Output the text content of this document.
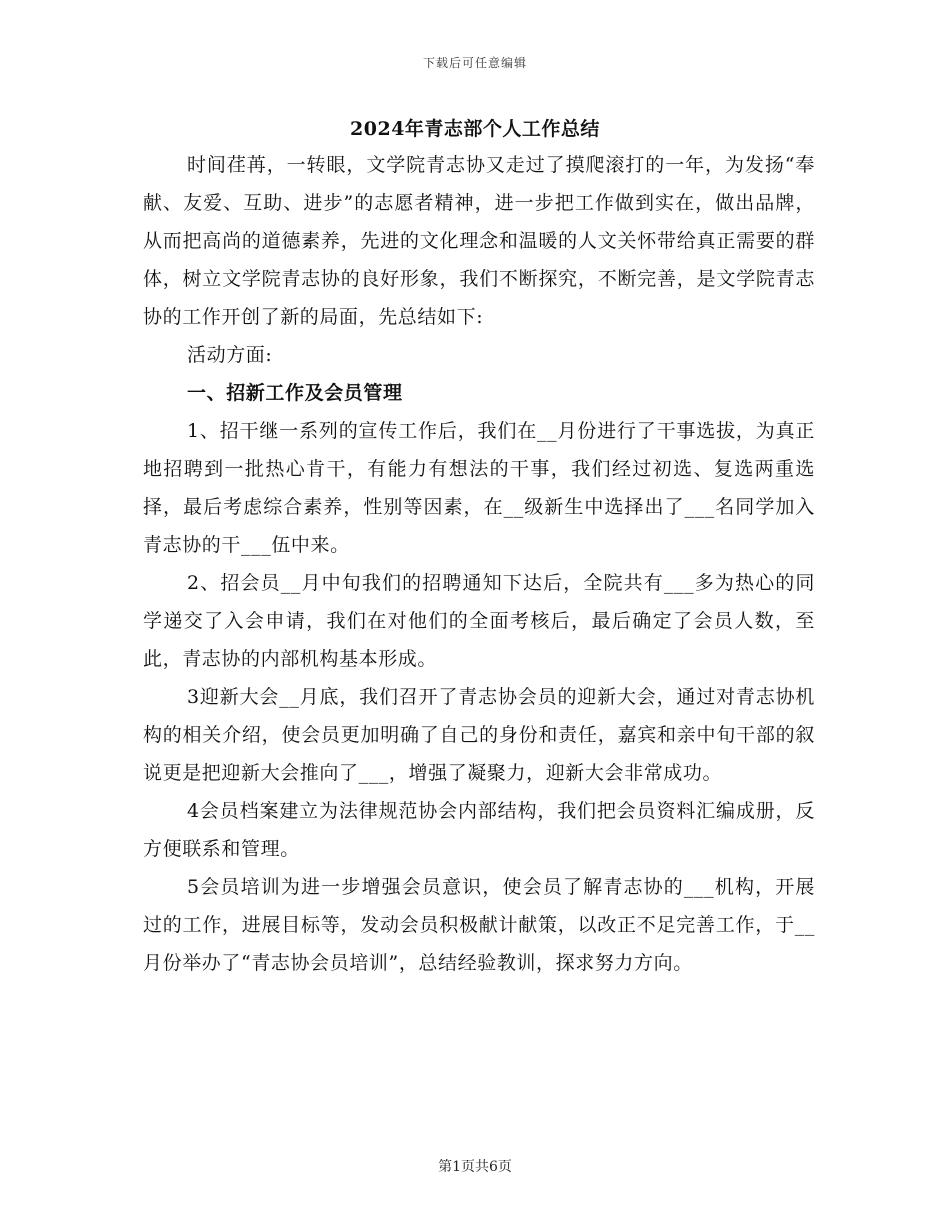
下载后可任意编辑
2024年青志部个人工作总结

时间荏苒，一转眼，文学院青志协又走过了摸爬滚打的一年，为发扬“奉献、友爱、互助、进步”的志愿者精神，进一步把工作做到实在，做出品牌，从而把高尚的道德素养，先进的文化理念和温暖的人文关怀带给真正需要的群体，树立文学院青志协的良好形象，我们不断探究，不断完善，是文学院青志协的工作开创了新的局面，先总结如下:

活动方面:

一、招新工作及会员管理

1、招干继一系列的宣传工作后，我们在__月份进行了干事选拔，为真正地招聘到一批热心肯干，有能力有想法的干事，我们经过初选、复选两重选择，最后考虑综合素养，性别等因素，在__级新生中选择出了___名同学加入青志协的干___伍中来。

2、招会员__月中旬我们的招聘通知下达后，全院共有___多为热心的同学递交了入会申请，我们在对他们的全面考核后，最后确定了会员人数，至此，青志协的内部机构基本形成。

3迎新大会__月底，我们召开了青志协会员的迎新大会，通过对青志协机构的相关介绍，使会员更加明确了自己的身份和责任，嘉宾和亲中旬干部的叙说更是把迎新大会推向了___，增强了凝聚力，迎新大会非常成功。

4会员档案建立为法律规范协会内部结构，我们把会员资料汇编成册，反方便联系和管理。

5会员培训为进一步增强会员意识，使会员了解青志协的___机构，开展过的工作，进展目标等，发动会员积极献计献策，以改正不足完善工作，于__月份举办了“青志协会员培训”，总结经验教训，探求努力方向。

第1页共6页
